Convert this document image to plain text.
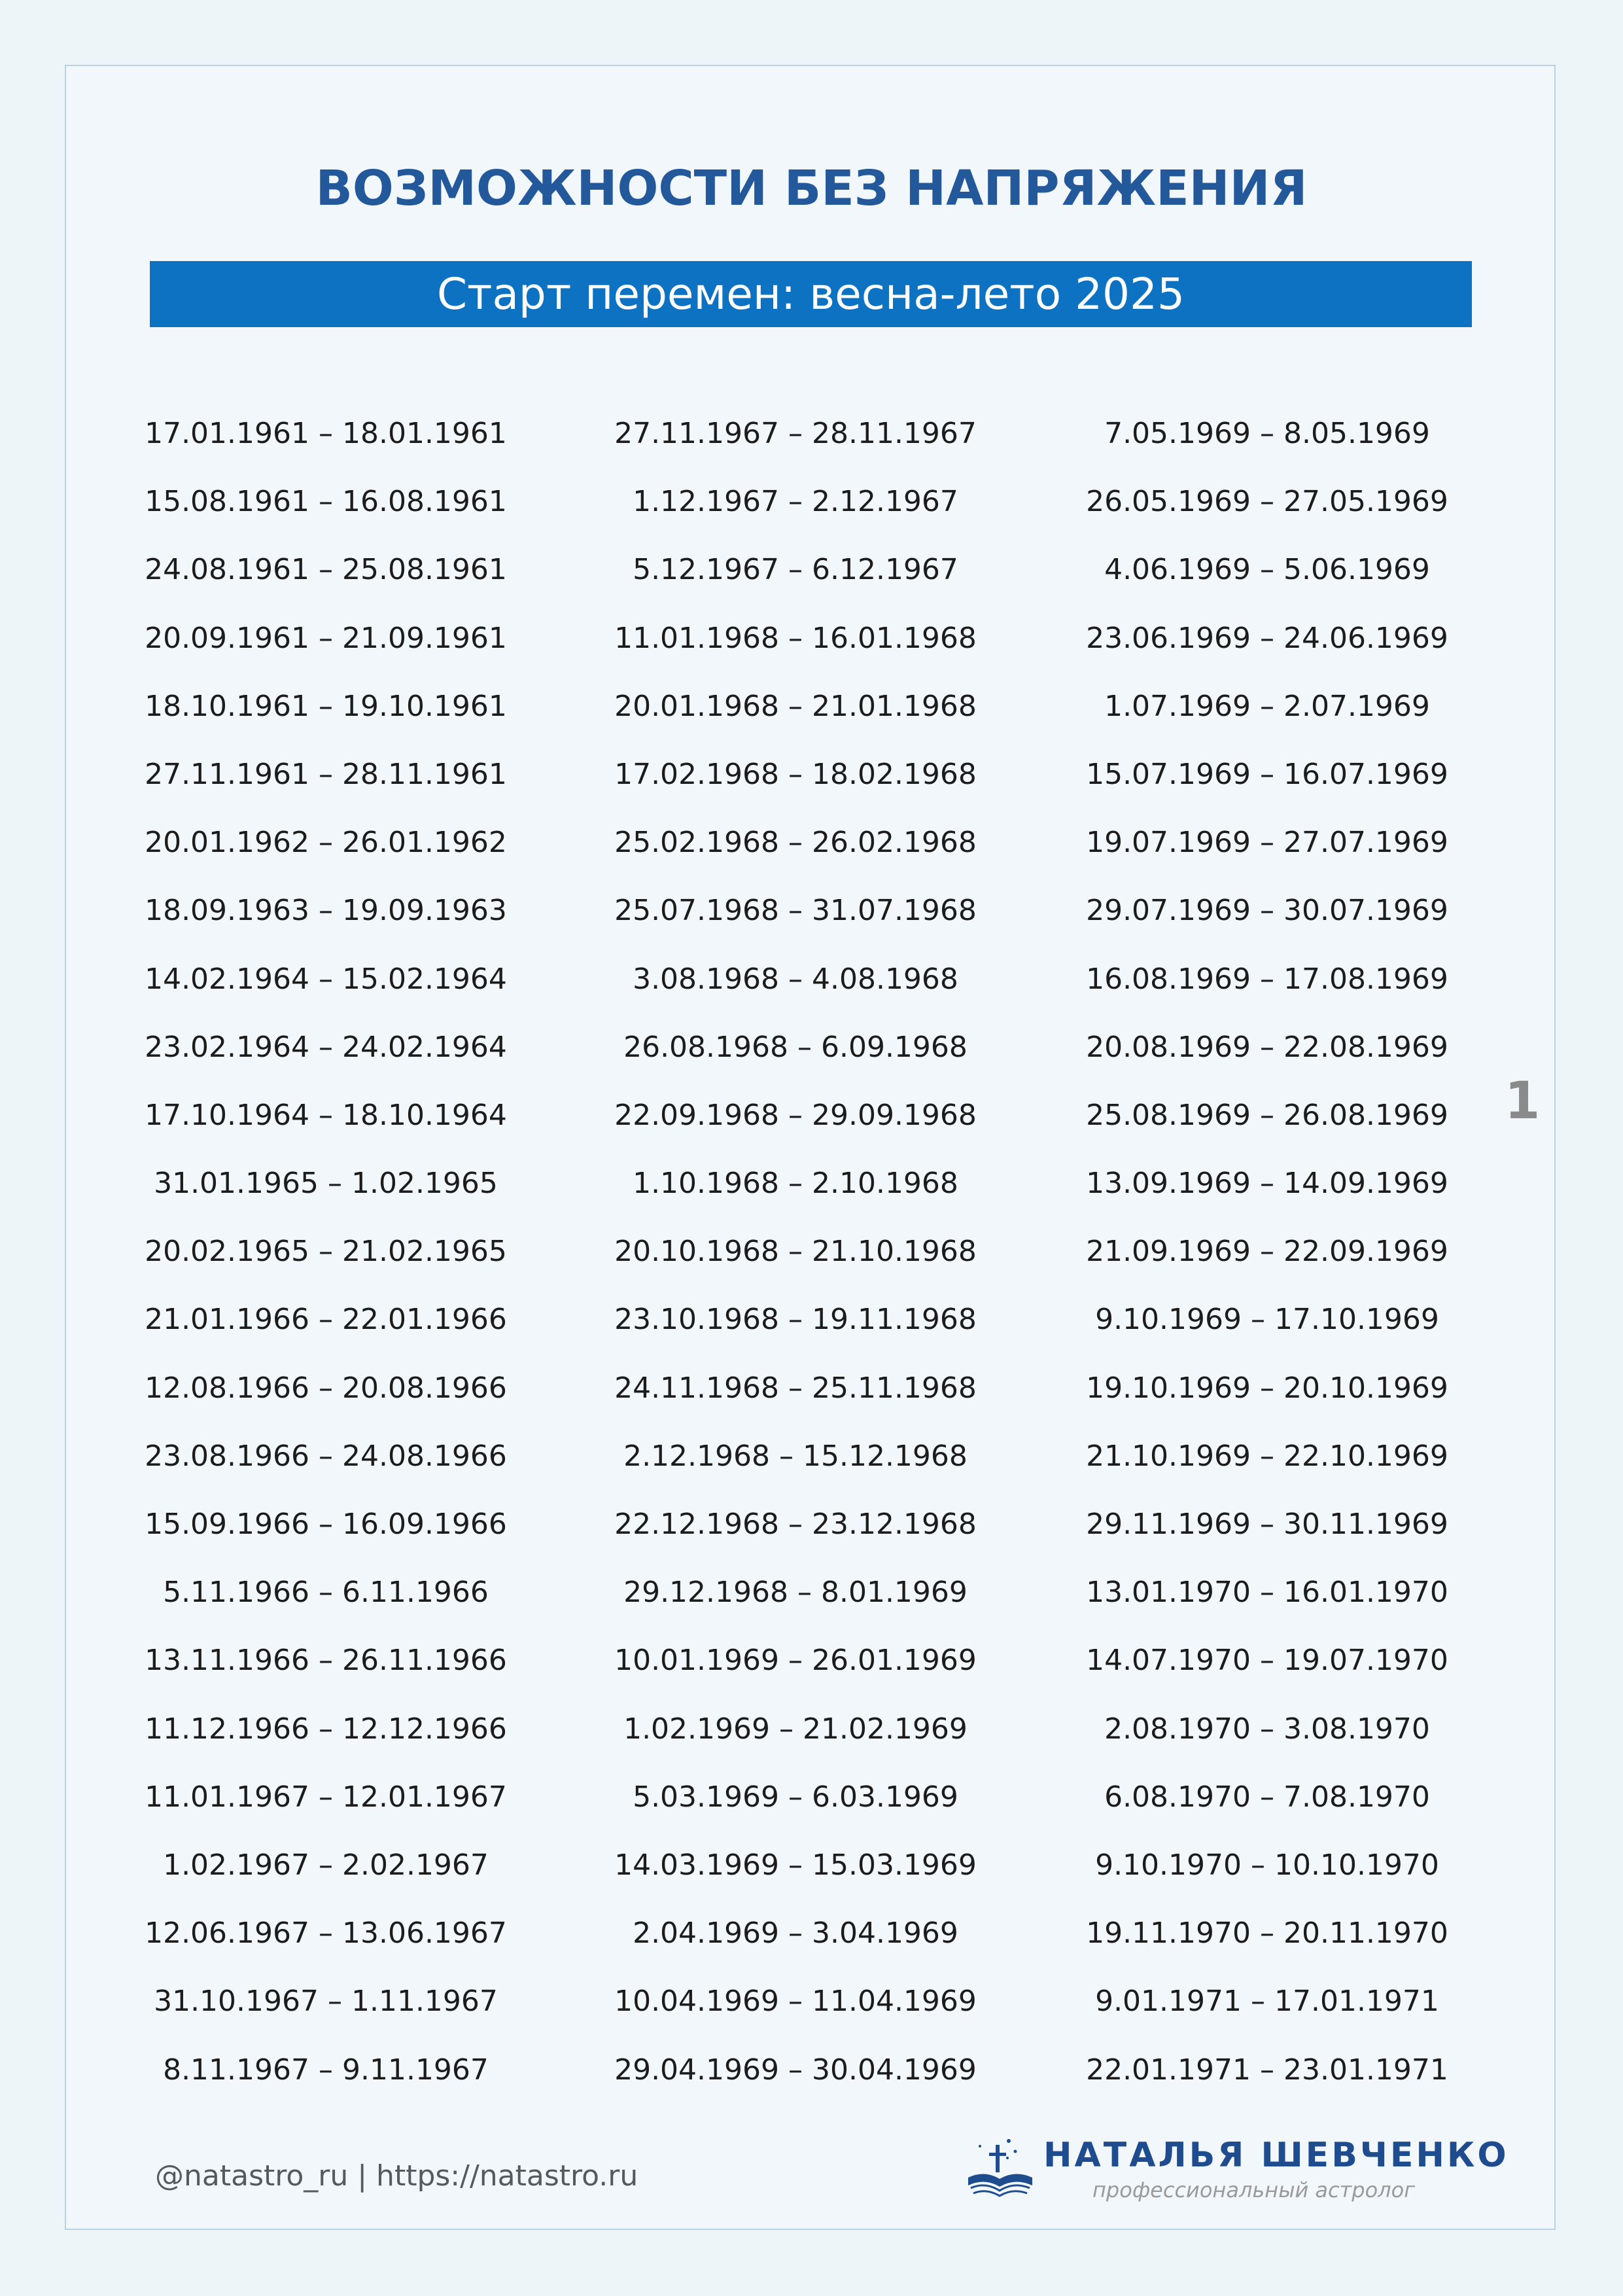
ВОЗМОЖНОСТИ БЕЗ НАПРЯЖЕНИЯ
Старт перемен: весна-лето 2025
17.01.1961 – 18.01.1961
15.08.1961 – 16.08.1961
24.08.1961 – 25.08.1961
20.09.1961 – 21.09.1961
18.10.1961 – 19.10.1961
27.11.1961 – 28.11.1961
20.01.1962 – 26.01.1962
18.09.1963 – 19.09.1963
14.02.1964 – 15.02.1964
23.02.1964 – 24.02.1964
17.10.1964 – 18.10.1964
31.01.1965 – 1.02.1965
20.02.1965 – 21.02.1965
21.01.1966 – 22.01.1966
12.08.1966 – 20.08.1966
23.08.1966 – 24.08.1966
15.09.1966 – 16.09.1966
5.11.1966 – 6.11.1966
13.11.1966 – 26.11.1966
11.12.1966 – 12.12.1966
11.01.1967 – 12.01.1967
1.02.1967 – 2.02.1967
12.06.1967 – 13.06.1967
31.10.1967 – 1.11.1967
8.11.1967 – 9.11.1967
27.11.1967 – 28.11.1967
1.12.1967 – 2.12.1967
5.12.1967 – 6.12.1967
11.01.1968 – 16.01.1968
20.01.1968 – 21.01.1968
17.02.1968 – 18.02.1968
25.02.1968 – 26.02.1968
25.07.1968 – 31.07.1968
3.08.1968 – 4.08.1968
26.08.1968 – 6.09.1968
22.09.1968 – 29.09.1968
1.10.1968 – 2.10.1968
20.10.1968 – 21.10.1968
23.10.1968 – 19.11.1968
24.11.1968 – 25.11.1968
2.12.1968 – 15.12.1968
22.12.1968 – 23.12.1968
29.12.1968 – 8.01.1969
10.01.1969 – 26.01.1969
1.02.1969 – 21.02.1969
5.03.1969 – 6.03.1969
14.03.1969 – 15.03.1969
2.04.1969 – 3.04.1969
10.04.1969 – 11.04.1969
29.04.1969 – 30.04.1969
7.05.1969 – 8.05.1969
26.05.1969 – 27.05.1969
4.06.1969 – 5.06.1969
23.06.1969 – 24.06.1969
1.07.1969 – 2.07.1969
15.07.1969 – 16.07.1969
19.07.1969 – 27.07.1969
29.07.1969 – 30.07.1969
16.08.1969 – 17.08.1969
20.08.1969 – 22.08.1969
25.08.1969 – 26.08.1969
13.09.1969 – 14.09.1969
21.09.1969 – 22.09.1969
9.10.1969 – 17.10.1969
19.10.1969 – 20.10.1969
21.10.1969 – 22.10.1969
29.11.1969 – 30.11.1969
13.01.1970 – 16.01.1970
14.07.1970 – 19.07.1970
2.08.1970 – 3.08.1970
6.08.1970 – 7.08.1970
9.10.1970 – 10.10.1970
19.11.1970 – 20.11.1970
9.01.1971 – 17.01.1971
22.01.1971 – 23.01.1971
1
@natastro_ru | https://natastro.ru
НАТАЛЬЯ ШЕВЧЕНКО
профессиональный астролог
